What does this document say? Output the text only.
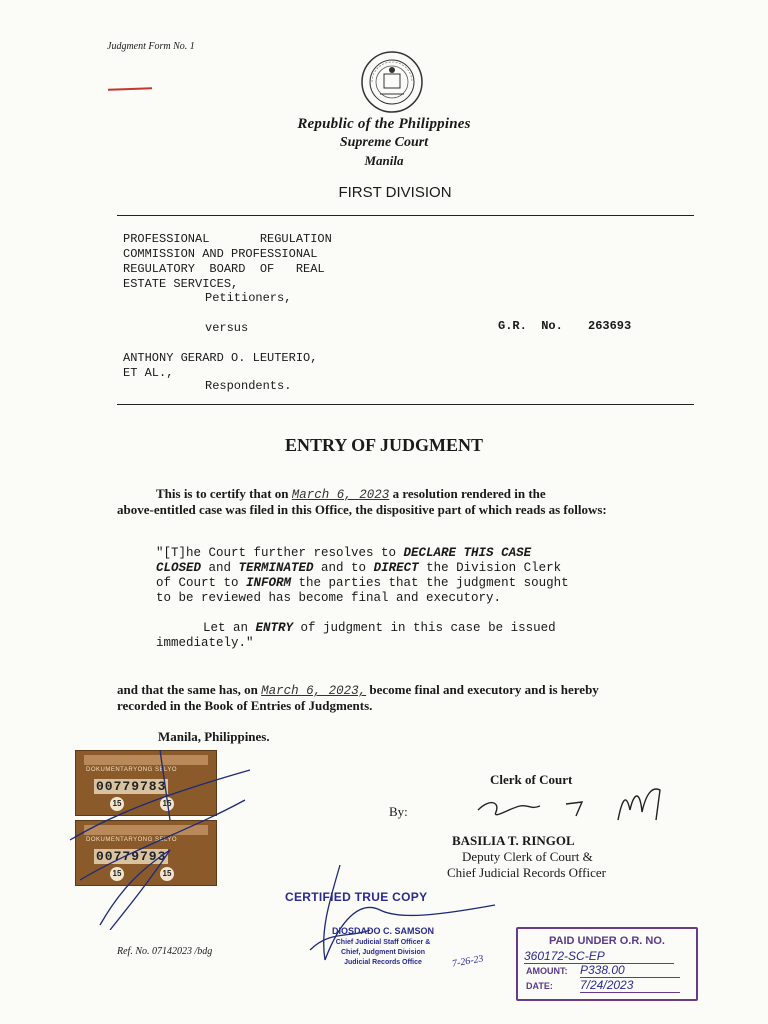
Judgment Form No. 1
Republic of the Philippines
Supreme Court
Manila
FIRST DIVISION
PROFESSIONAL       REGULATION
COMMISSION AND PROFESSIONAL
REGULATORY  BOARD  OF   REAL
ESTATE SERVICES,
Petitioners,
versus	G.R.  No. 263693
ANTHONY GERARD O. LEUTERIO,
ET AL.,
Respondents.
ENTRY OF JUDGMENT
This is to certify that on March 6, 2023 a resolution rendered in the
above-entitled case was filed in this Office, the dispositive part of which reads as follows:
"[T]he Court further resolves to DECLARE THIS CASE
CLOSED and TERMINATED and to DIRECT the Division Clerk
of Court to INFORM the parties that the judgment sought
to be reviewed has become final and executory.
Let an ENTRY of judgment in this case be issued
immediately."
and that the same has, on March 6, 2023, become final and executory and is hereby
recorded in the Book of Entries of Judgments.
Manila, Philippines.
DOKUMENTARYONG SELYO
00779783
15	15
DOKUMENTARYONG SELYO
00779793
15	15
Clerk of Court
By:
BASILIA T. RINGOL
Deputy Clerk of Court &
Chief Judicial Records Officer
CERTIFIED TRUE COPY
DIOSDADO C. SAMSON
Chief Judicial Staff Officer &
Chief, Judgment Division
Judicial Records Office	7-26-23
Ref. No. 07142023 /bdg
PAID UNDER O.R. NO.
360172-SC-EP
AMOUNT: P338.00
DATE: 7/24/2023
